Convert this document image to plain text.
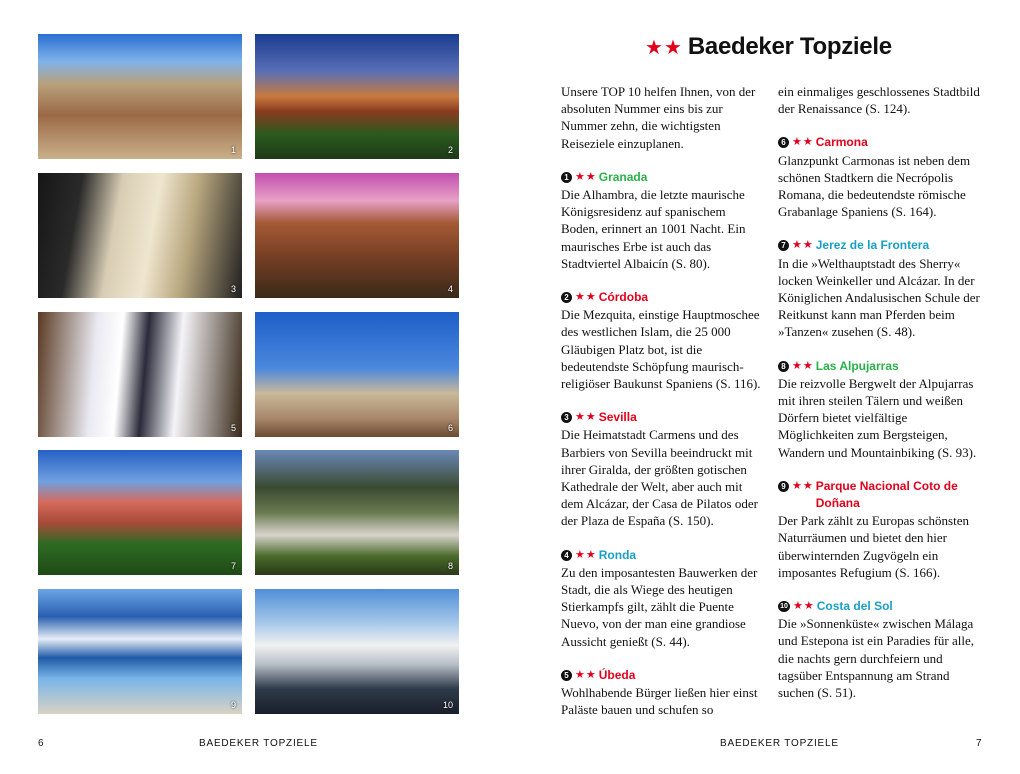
1	2
3	4
5	6
7	8
9	10
★ ★ Baedeker Topziele

Unsere TOP 10 helfen Ihnen, von der absoluten Nummer eins bis zur Nummer zehn, die wichtigsten Reiseziele einzuplanen.

1 ★ ★ Granada

Die Alhambra, die letzte maurische Königsresidenz auf spanischem Boden, erinnert an 1001 Nacht. Ein maurisches Erbe ist auch das Stadtviertel Albaicín (S. 80).

2 ★ ★ Córdoba

Die Mezquita, einstige Hauptmoschee des westlichen Islam, die 25 000 Gläubigen Platz bot, ist die bedeutendste Schöpfung maurisch-religiöser Baukunst Spaniens (S. 116).

3 ★ ★ Sevilla

Die Heimatstadt Carmens und des Barbiers von Sevilla beeindruckt mit ihrer Giralda, der größten gotischen Kathedrale der Welt, aber auch mit dem Alcázar, der Casa de Pilatos oder der Plaza de España (S. 150).

4 ★ ★ Ronda

Zu den imposantesten Bauwerken der Stadt, die als Wiege des heutigen Stierkampfs gilt, zählt die Puente Nuevo, von der man eine grandiose Aussicht genießt (S. 44).

5 ★ ★ Úbeda

Wohlhabende Bürger ließen hier einst Paläste bauen und schufen so

ein einmaliges geschlossenes Stadtbild der Renaissance (S. 124).

6 ★ ★ Carmona

Glanzpunkt Carmonas ist neben dem schönen Stadtkern die Necrópolis Romana, die bedeutendste römische Grabanlage Spaniens (S. 164).

7 ★ ★ Jerez de la Frontera

In die »Welthauptstadt des Sherry« locken Weinkeller und Alcázar. In der Königlichen Andalusischen Schule der Reitkunst kann man Pferden beim »Tanzen« zusehen (S. 48).

8 ★ ★ Las Alpujarras

Die reizvolle Bergwelt der Alpujarras mit ihren steilen Tälern und weißen Dörfern bietet vielfältige Möglichkeiten zum Bergsteigen, Wandern und Mountainbiking (S. 93).

9 ★ ★ Parque Nacional Coto de Doñana

Der Park zählt zu Europas schönsten Naturräumen und bietet den hier überwinternden Zugvögeln ein imposantes Refugium (S. 166).

10 ★ ★ Costa del Sol

Die »Sonnenküste« zwischen Málaga und Estepona ist ein Paradies für alle, die nachts gern durchfeiern und tagsüber Entspannung am Strand suchen (S. 51).

6	BAEDEKER TOPZIELE	BAEDEKER TOPZIELE	7
